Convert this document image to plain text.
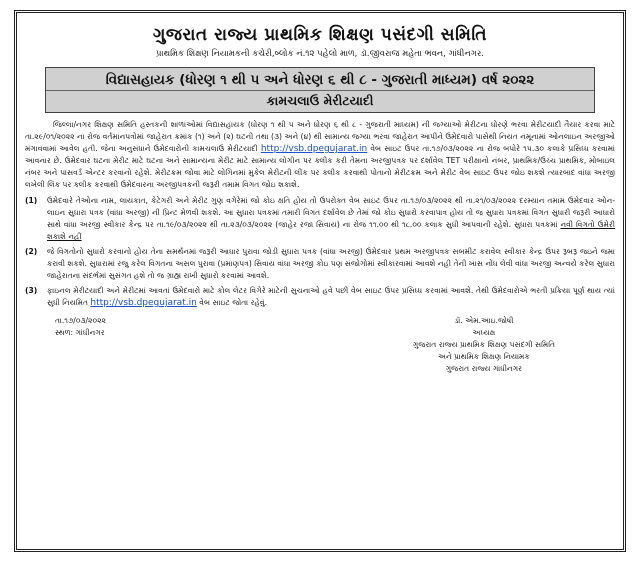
ગુજરાત રાજ્ય પ્રાથમિક શિક્ષણ પસંદગી સમિતિ
પ્રાથમિક શિક્ષણ નિયામકની કચેરી,બ્લોક નં.૧૨ પહેલો માળ, ડૉ.જીવરાજ મહેતા ભવન, ગાંધીનગર.
વિદ્યાસહાયક (ધોરણ ૧ થી ૫ અને ધોરણ ૬ થી ૮ - ગુજરાતી માધ્યમ) વર્ષ ૨૦૨૨
કામચલાઉ મેરીટયાદી
જિલ્લા/નગર શિક્ષણ સમિતિ હસ્તકની શાળાઓમાં વિદ્યાસહાયક (ધોરણ ૧ થી ૫ અને ધોરણ ૬ થી ૮ - ગુજરાતી માધ્યમ) ની જગ્યાઓ મેરીટના ધોરણે ભરવા મેરીટયાદી તૈયાર કરવા માટે તા.૨૯/૦૧/૨૦૨૨ ના રોજ વર્તમાનપત્રોમાં જાહેરાત ક્રમાંક (૧) અને (૨) ઘટની તથા (૩) અને (૪) થી સામાન્ય જગ્યા ભરવા જાહેરાત આપીને ઉમેદવારો પાસેથી નિયત નમૂનામાં ઓનલાઇન અરજીઓ મંગાવવામાં આવેલ હતી. જેના અનુસંધાને ઉમેદવારોની કામચલાઉ મેરીટયાદી http://vsb.dpegujarat.in વેબ સાઇટ ઉપર તા.૧૭/૦૩/૨૦૨૨ ના રોજ બપોરે ૧૫.૩૦ કલાકે પ્રસિધ્ધ કરવામાં આવનાર છે. ઉમેદવાર ઘટના મેરીટ માટે ઘટના અને સામાન્યના મેરીટ માટે સામાન્ય લોગીન પર ક્લીક કરી તેમના અરજીપત્રક પર દર્શાવેલ TET પરીક્ષાનો નંબર, પ્રાથમિક/ઉચ્ચ પ્રાથમિક, મોબાઇલ નંબર અને પાસવર્ડ એન્ટર કરવાનો રહેશે. મેરીટક્રમ જોવા માટે લોગિનમાં મુકેલ મેરીટની લીંક પર ક્લીક કરવાથી પોતાનો મેરીટક્રમ અને મેરીટ વેબ સાઇટ ઉપર જોઇ શકશે ત્યારબાદ વાંધા અરજી લખેલી લિંક પર ક્લીક કરવાથી ઉમેદવારના અરજીપત્રકની જરૂરી તમામ વિગત જોઇ શકાશે.
(1)	ઉમેદવારે તેઓના નામ, લાયકાત, કેટેગરી અને મેરીટ ગુણ વગેરેમાં જો કોઇ ક્ષતિ હોય તો ઉપરોક્ત વેબ સાઇટ ઉપર તા.૧૭/૦૩/૨૦૨૨ થી તા.૨૧/૦૩/૨૦૨૨ દરમ્યાન તમામ ઉમેદવાર ઓન-લાઇન સુધારા પત્રક (વાંધા અરજી) ની પ્રિન્ટ મેળવી શકશે. આ સુધારા પત્રકમાં તમારી વિગત દર્શાવેલ છે તેમાં જો કોઇ સુધારો કરવાપાત્ર હોય તો જ સુધારા પત્રકમાં વિગત સુધારી જરૂરી આધારો સાથે વાંધા અરજી સ્વીકાર કેન્દ્ર પર તા.૧૯/૦૩/૨૦૨૨ થી તા.૨૩/૦૩/૨૦૨૨ (જાહેર રજા સિવાય) ના રોજ ૧૧.૦૦ થી ૧૮.૦૦ કલાક સુધી આપવાની રહેશે. સુધારા પત્રકમાં નવી વિગતો ઉમેરી શકાશે નહીં
(2)	જે વિગતોનો સુધારો કરવાનો હોય તેના સમર્થનમાં જરૂરી આધાર પુરાવા જોડી સુધારા પત્રક (વાંધા અરજી) ઉમેદવાર પ્રથમ અરજીપત્રક સબમીટ કરાવેલ સ્વીકાર કેન્દ્ર ઉપર રૂબરૂ જઇને જમા કરાવી શકશે. સુધારામાં રજુ કરેલ વિગતના અસલ પુરાવા (પ્રમાણપત્ર) સિવાય વાંધા અરજી કોઇ પણ સંજોગોમાં સ્વીકારવામાં આવશે નહી તેની ખાસ નોંધ લેવી વાંધા અરજી અન્વયે કરેલ સુધારા જાહેરાતના સંદર્ભમાં સુસંગત હશે તો જ ગ્રાહ્ય રાખી સુધારો કરવામાં આવશે.
(3)	ફાઇનલ મેરીટયાદી અને મેરીટમાં આવતાં ઉમેદવારો માટે કોલ લેટર વિગેરે માટેની સુચનાઓ હવે પછી વેબ સાઇટ ઉપર પ્રસિધ્ધ કરવામાં આવશે. તેથી ઉમેદવારોએ ભરતી પ્રક્રિયા પૂર્ણ થાય ત્યાં સુધી નિયમિત http://vsb.dpegujarat.in વેબ સાઇટ જોતા રહેવું.
તા.૧૭/૦૩/૨૦૨૨
સ્થળ: ગાંધીનગર
ડૉ. એમ.આઇ.જોષી
અધ્યક્ષ
ગુજરાત રાજ્ય પ્રાથમિક શિક્ષણ પસંદગી સમિતિ
અને પ્રાથમિક શિક્ષણ નિયામક
ગુજરાત રાજ્ય ગાંધીનગર
